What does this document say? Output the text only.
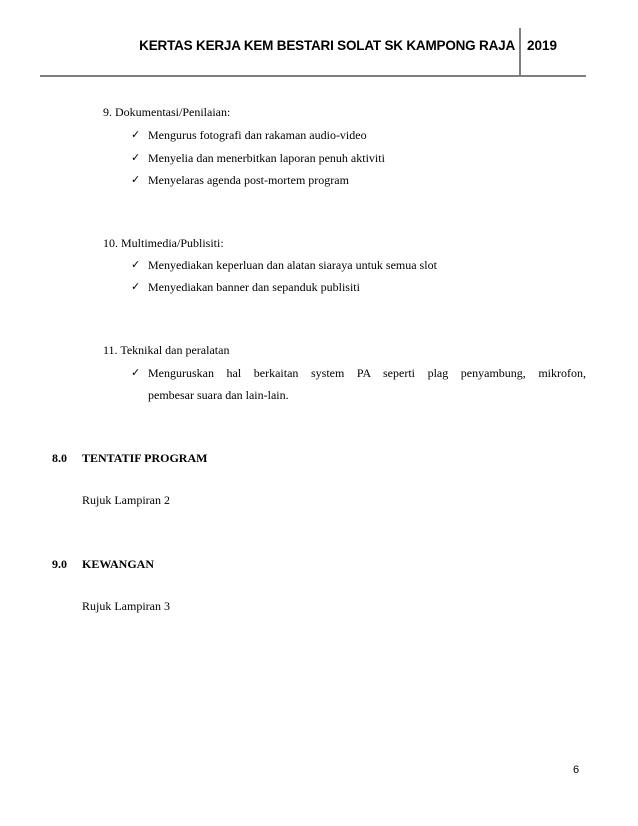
KERTAS KERJA KEM BESTARI SOLAT SK KAMPONG RAJA 2019
9. Dokumentasi/Penilaian:
✓ Mengurus fotografi dan rakaman audio-video
✓ Menyelia dan menerbitkan laporan penuh aktiviti
✓ Menyelaras agenda post-mortem program
10. Multimedia/Publisiti:
✓ Menyediakan keperluan dan alatan siaraya untuk semua slot
✓ Menyediakan banner dan sepanduk publisiti
11. Teknikal dan peralatan
✓ Menguruskan hal berkaitan system PA seperti plag penyambung, mikrofon,
pembesar suara dan lain-lain.
8.0 TENTATIF PROGRAM
Rujuk Lampiran 2
9.0 KEWANGAN
Rujuk Lampiran 3
6
